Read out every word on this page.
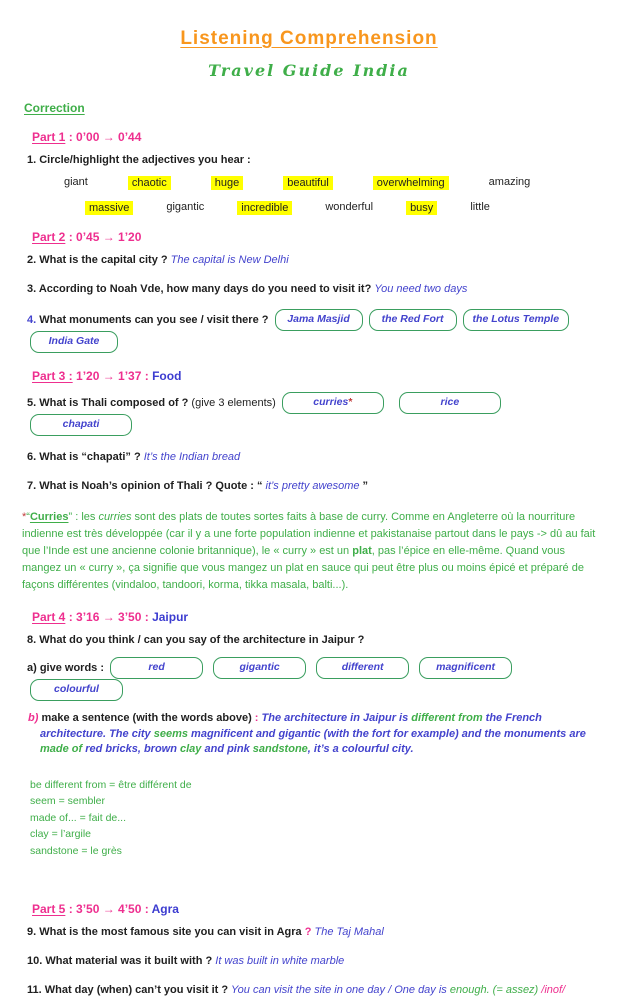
Listening Comprehension
Travel Guide India
Correction
Part 1 : 0’00 → 0’44
1. Circle/highlight the adjectives you hear :
giant	chaotic	huge	beautiful	overwhelming	amazing
massive	gigantic	incredible	wonderful	busy	little
Part 2 : 0’45 → 1’20
2. What is the capital city ? The capital is New Delhi
3. According to Noah Vde, how many days do you need to visit it? You need two days
4. What monuments can you see / visit there ? Jama Masjid	the Red Fort	the Lotus TempleIndia Gate
Part 3 : 1’20 → 1’37 : Food
5. What is Thali composed of ? (give 3 elements)	curries*	ricechapati
6. What is “chapati” ? It’s the Indian bread
7. What is Noah’s opinion of Thali ? Quote : “ it’s pretty awesome ”
*“Curries” : les curries sont des plats de toutes sortes faits à base de curry. Comme en Angleterre où la nourriture indienne est très développée (car il y a une forte population indienne et pakistanaise partout dans le pays -> dû au fait que l’Inde est une ancienne colonie britannique), le « curry » est un plat, pas l’épice en elle-même. Quand vous mangez un « curry », ça signifie que vous mangez un plat en sauce qui peut être plus ou moins épicé et préparé de façons différentes (vindaloo, tandoori, korma, tikka masala, balti...).
Part 4 : 3’16 → 3’50 : Jaipur
8. What do you think / can you say of the architecture in Jaipur ?
a) give words :	red	gigantic	different	magnificentcolourful
b) make a sentence (with the words above) : The architecture in Jaipur is different from the French architecture. The city seems magnificent and gigantic (with the fort for example) and the monuments are made of red bricks, brown clay and pink sandstone, it’s a colourful city.
be different from = être différent de
seem = sembler
made of... = fait de...
clay = l’argile
sandstone = le grès
Part 5 : 3’50 → 4’50 : Agra
9. What is the most famous site you can visit in Agra ? The Taj Mahal
10. What material was it built with ? It was built in white marble
11. What day (when) can’t you visit it ? You can visit the site in one day / One day is enough. (= assez) /inof/
